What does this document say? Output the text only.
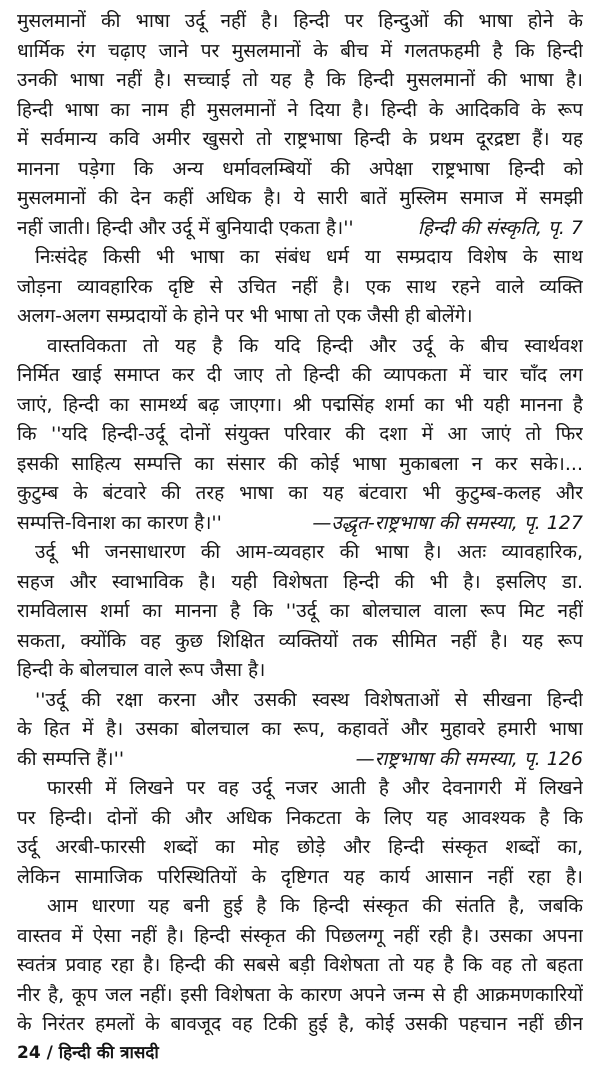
मुसलमानों की भाषा उर्दू नहीं है। हिन्दी पर हिन्दुओं की भाषा होने के
धार्मिक रंग चढ़ाए जाने पर मुसलमानों के बीच में गलतफहमी है कि हिन्दी
उनकी भाषा नहीं है। सच्चाई तो यह है कि हिन्दी मुसलमानों की भाषा है।
हिन्दी भाषा का नाम ही मुसलमानों ने दिया है। हिन्दी के आदिकवि के रूप
में सर्वमान्य कवि अमीर खुसरो तो राष्ट्रभाषा हिन्दी के प्रथम दूरद्रष्टा हैं। यह
मानना पड़ेगा कि अन्य धर्मावलम्बियों की अपेक्षा राष्ट्रभाषा हिन्दी को
मुसलमानों की देन कहीं अधिक है। ये सारी बातें मुस्लिम समाज में समझी
नहीं जाती। हिन्दी और उर्दू में बुनियादी एकता है।''	हिन्दी की संस्कृति, पृ. 7
निःसंदेह किसी भी भाषा का संबंध धर्म या सम्प्रदाय विशेष के साथ
जोड़ना व्यावहारिक दृष्टि से उचित नहीं है। एक साथ रहने वाले व्यक्ति
अलग-अलग सम्प्रदायों के होने पर भी भाषा तो एक जैसी ही बोलेंगे।
वास्तविकता तो यह है कि यदि हिन्दी और उर्दू के बीच स्वार्थवश
निर्मित खाई समाप्त कर दी जाए तो हिन्दी की व्यापकता में चार चाँद लग
जाएं, हिन्दी का सामर्थ्य बढ़ जाएगा। श्री पद्मसिंह शर्मा का भी यही मानना है
कि ''यदि हिन्दी-उर्दू दोनों संयुक्त परिवार की दशा में आ जाएं तो फिर
इसकी साहित्य सम्पत्ति का संसार की कोई भाषा मुकाबला न कर सके।...
कुटुम्ब के बंटवारे की तरह भाषा का यह बंटवारा भी कुटुम्ब-कलह और
सम्पत्ति-विनाश का कारण है।''	—उद्धृत-राष्ट्रभाषा की समस्या, पृ. 127
उर्दू भी जनसाधारण की आम-व्यवहार की भाषा है। अतः व्यावहारिक,
सहज और स्वाभाविक है। यही विशेषता हिन्दी की भी है। इसलिए डा.
रामविलास शर्मा का मानना है कि ''उर्दू का बोलचाल वाला रूप मिट नहीं
सकता, क्योंकि वह कुछ शिक्षित व्यक्तियों तक सीमित नहीं है। यह रूप
हिन्दी के बोलचाल वाले रूप जैसा है।
''उर्दू की रक्षा करना और उसकी स्वस्थ विशेषताओं से सीखना हिन्दी
के हित में है। उसका बोलचाल का रूप, कहावतें और मुहावरे हमारी भाषा
की सम्पत्ति हैं।''	—राष्ट्रभाषा की समस्या, पृ. 126
फारसी में लिखने पर वह उर्दू नजर आती है और देवनागरी में लिखने
पर हिन्दी। दोनों की और अधिक निकटता के लिए यह आवश्यक है कि
उर्दू अरबी-फारसी शब्दों का मोह छोड़े और हिन्दी संस्कृत शब्दों का,
लेकिन सामाजिक परिस्थितियों के दृष्टिगत यह कार्य आसान नहीं रहा है।
आम धारणा यह बनी हुई है कि हिन्दी संस्कृत की संतति है, जबकि
वास्तव में ऐसा नहीं है। हिन्दी संस्कृत की पिछलग्गू नहीं रही है। उसका अपना
स्वतंत्र प्रवाह रहा है। हिन्दी की सबसे बड़ी विशेषता तो यह है कि वह तो बहता
नीर है, कूप जल नहीं। इसी विशेषता के कारण अपने जन्म से ही आक्रमणकारियों
के निरंतर हमलों के बावजूद वह टिकी हुई है, कोई उसकी पहचान नहीं छीन
24 / हिन्दी की त्रासदी
